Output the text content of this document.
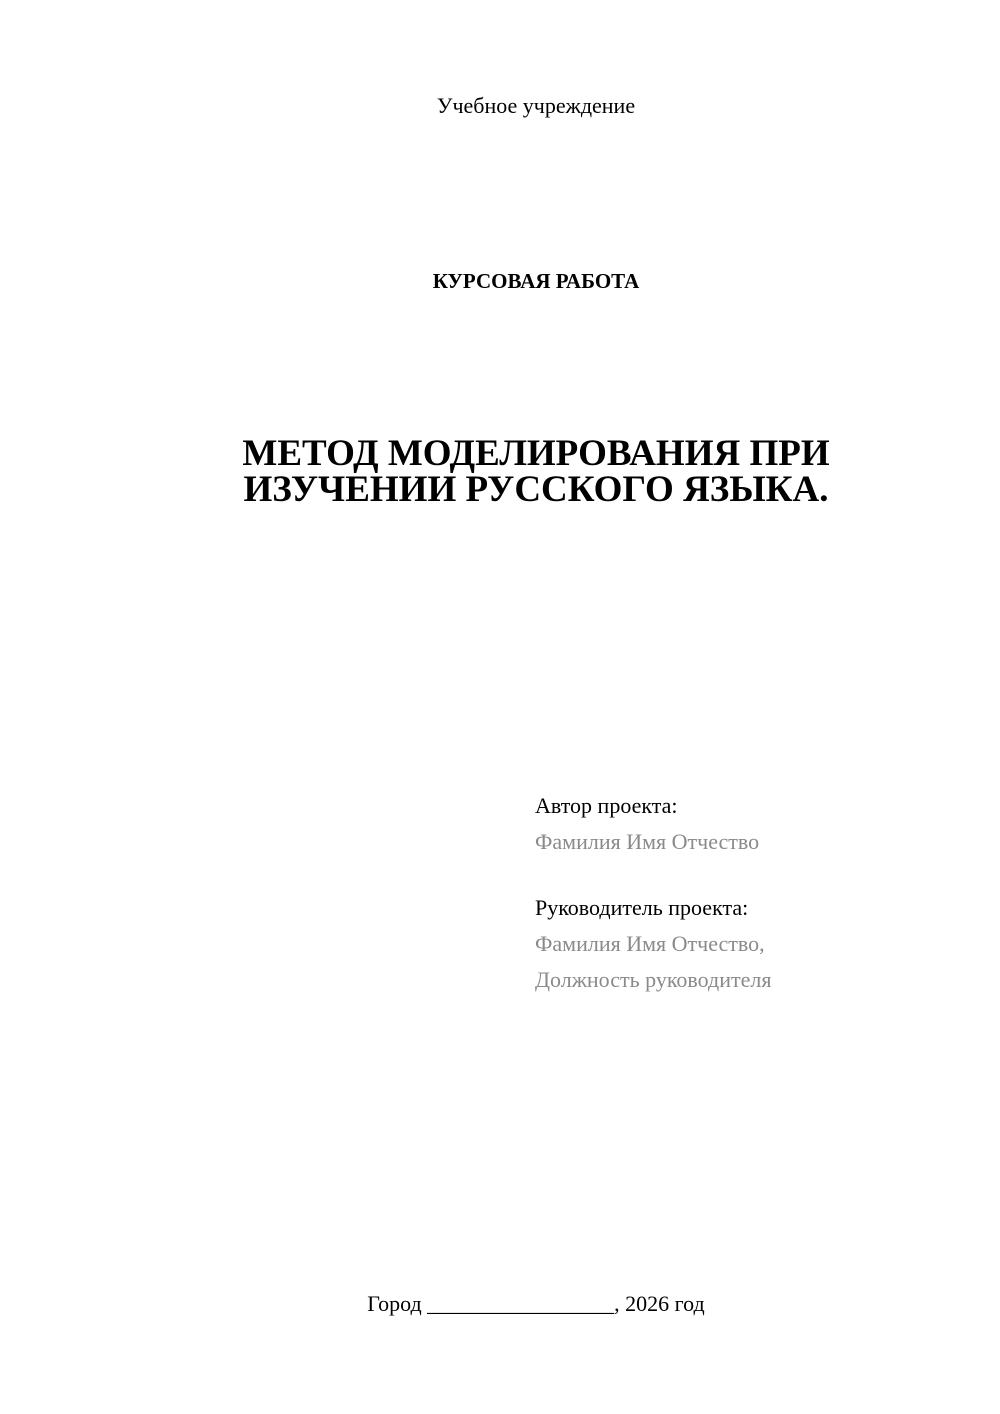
Учебное учреждение
КУРСОВАЯ РАБОТА
МЕТОД МОДЕЛИРОВАНИЯ ПРИ
ИЗУЧЕНИИ РУССКОГО ЯЗЫКА.
Автор проекта:
Фамилия Имя Отчество
Руководитель проекта:
Фамилия Имя Отчество,
Должность руководителя
Город _________________, 2026 год
